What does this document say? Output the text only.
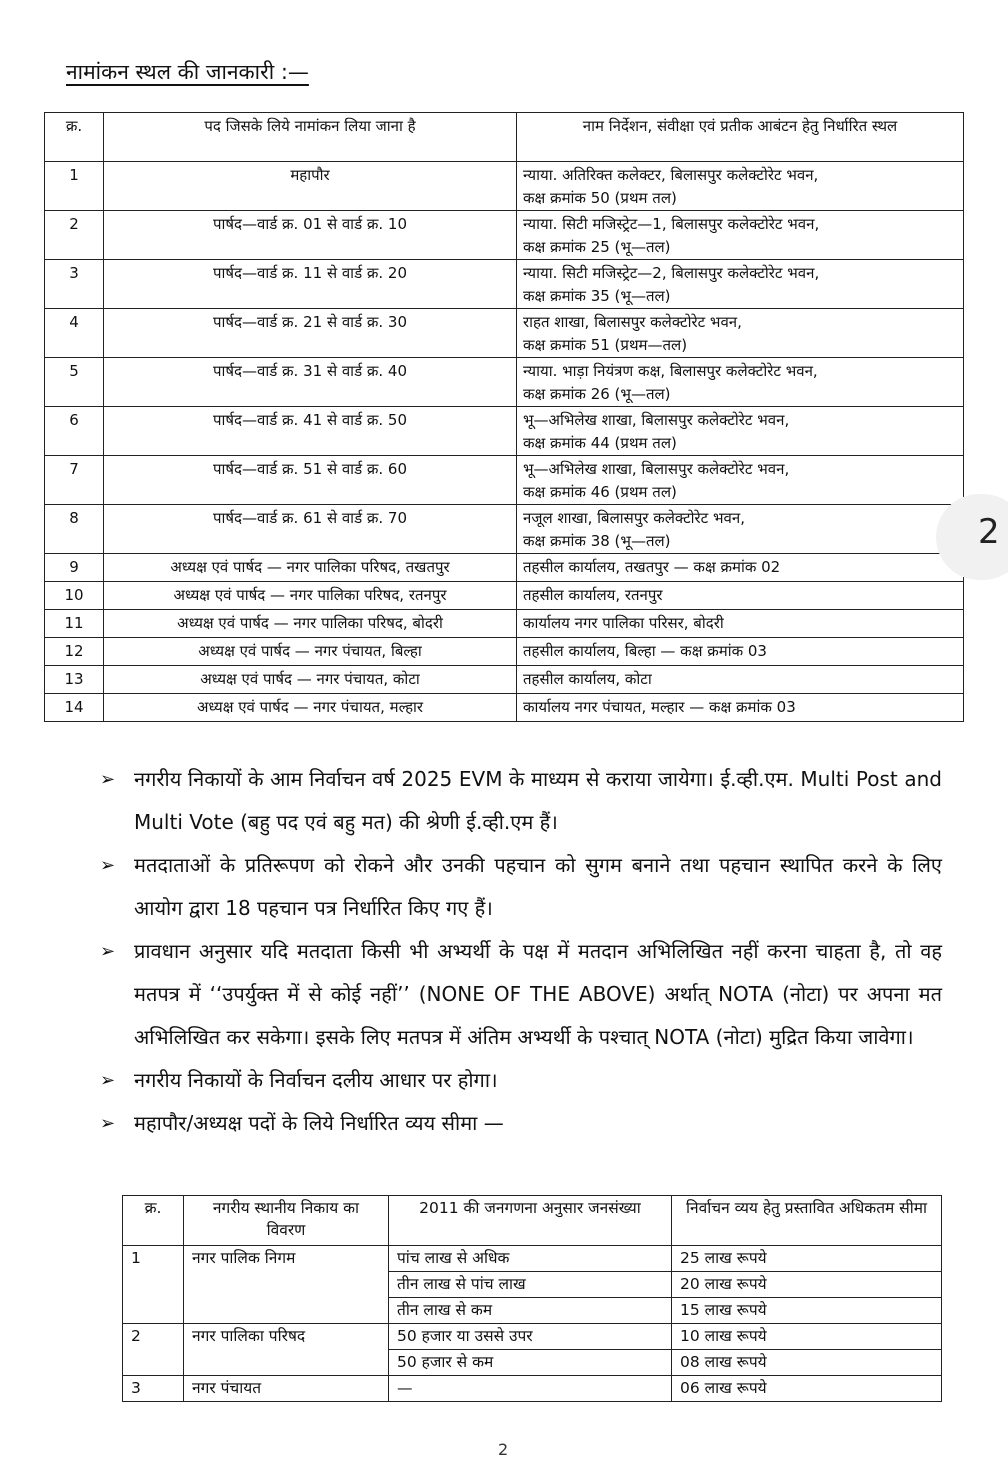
नामांकन स्थल की जानकारी :—
क्र.	पद जिसके लिये नामांकन लिया जाना है	नाम निर्देशन, संवीक्षा एवं प्रतीक आबंटन हेतु निर्धारित स्थल
1	महापौर	न्याया. अतिरिक्त कलेक्टर, बिलासपुर कलेक्टोरेट भवन,
कक्ष क्रमांक 50 (प्रथम तल)

2	पार्षद—वार्ड क्र. 01 से वार्ड क्र. 10	न्याया. सिटी मजिस्ट्रेट—1, बिलासपुर कलेक्टोरेट भवन,
कक्ष क्रमांक 25 (भू—तल)

3	पार्षद—वार्ड क्र. 11 से वार्ड क्र. 20	न्याया. सिटी मजिस्ट्रेट—2, बिलासपुर कलेक्टोरेट भवन,
कक्ष क्रमांक 35 (भू—तल)

4	पार्षद—वार्ड क्र. 21 से वार्ड क्र. 30	राहत शाखा, बिलासपुर कलेक्टोरेट भवन,
कक्ष क्रमांक 51 (प्रथम—तल)

5	पार्षद—वार्ड क्र. 31 से वार्ड क्र. 40	न्याया. भाड़ा नियंत्रण कक्ष, बिलासपुर कलेक्टोरेट भवन,
कक्ष क्रमांक 26 (भू—तल)

6	पार्षद—वार्ड क्र. 41 से वार्ड क्र. 50	भू—अभिलेख शाखा, बिलासपुर कलेक्टोरेट भवन,
कक्ष क्रमांक 44 (प्रथम तल)

7	पार्षद—वार्ड क्र. 51 से वार्ड क्र. 60	भू—अभिलेख शाखा, बिलासपुर कलेक्टोरेट भवन,
कक्ष क्रमांक 46 (प्रथम तल)

8	पार्षद—वार्ड क्र. 61 से वार्ड क्र. 70	नजूल शाखा, बिलासपुर कलेक्टोरेट भवन,
कक्ष क्रमांक 38 (भू—तल)

9	अध्यक्ष एवं पार्षद — नगर पालिका परिषद, तखतपुर	तहसील कार्यालय, तखतपुर — कक्ष क्रमांक 02
10	अध्यक्ष एवं पार्षद — नगर पालिका परिषद, रतनपुर	तहसील कार्यालय, रतनपुर
11	अध्यक्ष एवं पार्षद — नगर पालिका परिषद, बोदरी	कार्यालय नगर पालिका परिसर, बोदरी
12	अध्यक्ष एवं पार्षद — नगर पंचायत, बिल्हा	तहसील कार्यालय, बिल्हा — कक्ष क्रमांक 03
13	अध्यक्ष एवं पार्षद — नगर पंचायत, कोटा	तहसील कार्यालय, कोटा
14	अध्यक्ष एवं पार्षद — नगर पंचायत, मल्हार	कार्यालय नगर पंचायत, मल्हार — कक्ष क्रमांक 03

➢ नगरीय निकायों के आम निर्वाचन वर्ष 2025 EVM के माध्यम से कराया जायेगा। ई.व्ही.एम. Multi Post and Multi Vote (बहु पद एवं बहु मत) की श्रेणी ई.व्ही.एम हैं।

➢ मतदाताओं के प्रतिरूपण को रोकने और उनकी पहचान को सुगम बनाने तथा पहचान स्थापित करने के लिए आयोग द्वारा 18 पहचान पत्र निर्धारित किए गए हैं।

➢ प्रावधान अनुसार यदि मतदाता किसी भी अभ्यर्थी के पक्ष में मतदान अभिलिखित नहीं करना चाहता है, तो वह मतपत्र में ‘‘उपर्युक्त में से कोई नहीं’’ (NONE OF THE ABOVE) अर्थात् NOTA (नोटा) पर अपना मत अभिलिखित कर सकेगा। इसके लिए मतपत्र में अंतिम अभ्यर्थी के पश्चात् NOTA (नोटा) मुद्रित किया जावेगा।

➢ नगरीय निकायों के निर्वाचन दलीय आधार पर होगा।

➢ महापौर/अध्यक्ष पदों के लिये निर्धारित व्यय सीमा —

क्र.	नगरीय स्थानीय निकाय का विवरण	2011 की जनगणना अनुसार जनसंख्या	निर्वाचन व्यय हेतु प्रस्तावित अधिकतम सीमा
1	नगर पालिक निगम	पांच लाख से अधिक	25 लाख रूपये
		तीन लाख से पांच लाख	20 लाख रूपये
		तीन लाख से कम	15 लाख रूपये
2	नगर पालिका परिषद	50 हजार या उससे उपर	10 लाख रूपये
		50 हजार से कम	08 लाख रूपये
3	नगर पंचायत	—	06 लाख रूपये
2
2
